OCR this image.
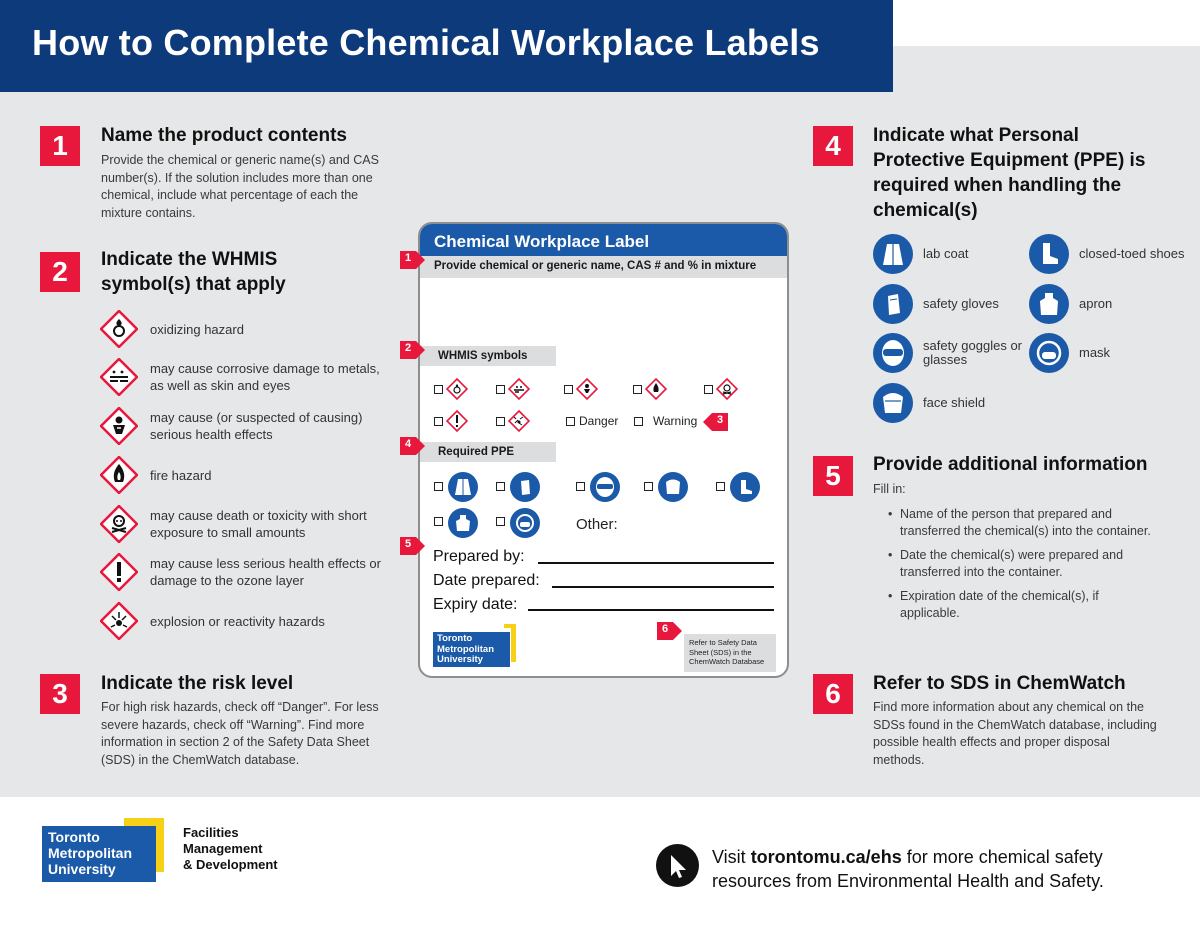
How to Complete Chemical Workplace Labels
1	Name the product contents
Provide the chemical or generic name(s) and CAS number(s). If the solution includes more than one chemical, include what percentage of each the mixture contains.
2	Indicate the WHMIS
symbol(s) that apply
oxidizing hazard
may cause corrosive damage to metals, as well as skin and eyes
may cause (or suspected of causing) serious health effects
fire hazard
may cause death or toxicity with short exposure to small amounts
may cause less serious health effects or damage to the ozone layer
explosion or reactivity hazards
3	Indicate the risk level
For high risk hazards, check off “Danger”. For less severe hazards, check off “Warning”. Find more information in section 2 of the Safety Data Sheet (SDS) in the ChemWatch database.
Chemical Workplace Label
Provide chemical or generic name, CAS # and % in mixture
WHMIS symbols
Danger	Warning
Required PPE
Other:
Prepared by:
Date prepared:
Expiry date:
Toronto Metropolitan University
Refer to Safety Data Sheet (SDS) in the ChemWatch Database
1
2
3
4
5
6
4	Indicate what Personal Protective Equipment (PPE) is required when handling the chemical(s)
lab coat	closed-toed shoes
safety gloves	apron
safety goggles or glasses	mask
face shield
5	Provide additional information
Fill in:
• Name of the person that prepared and transferred the chemical(s) into the container.
• Date the chemical(s) were prepared and transferred into the container.
• Expiration date of the chemical(s), if applicable.
6	Refer to SDS in ChemWatch
Find more information about any chemical on the SDSs found in the ChemWatch database, including possible health effects and proper disposal methods.
Toronto
Metropolitan
University
Facilities
Management
& Development	Visit torontomu.ca/ehs for more chemical safety
resources from Environmental Health and Safety.
